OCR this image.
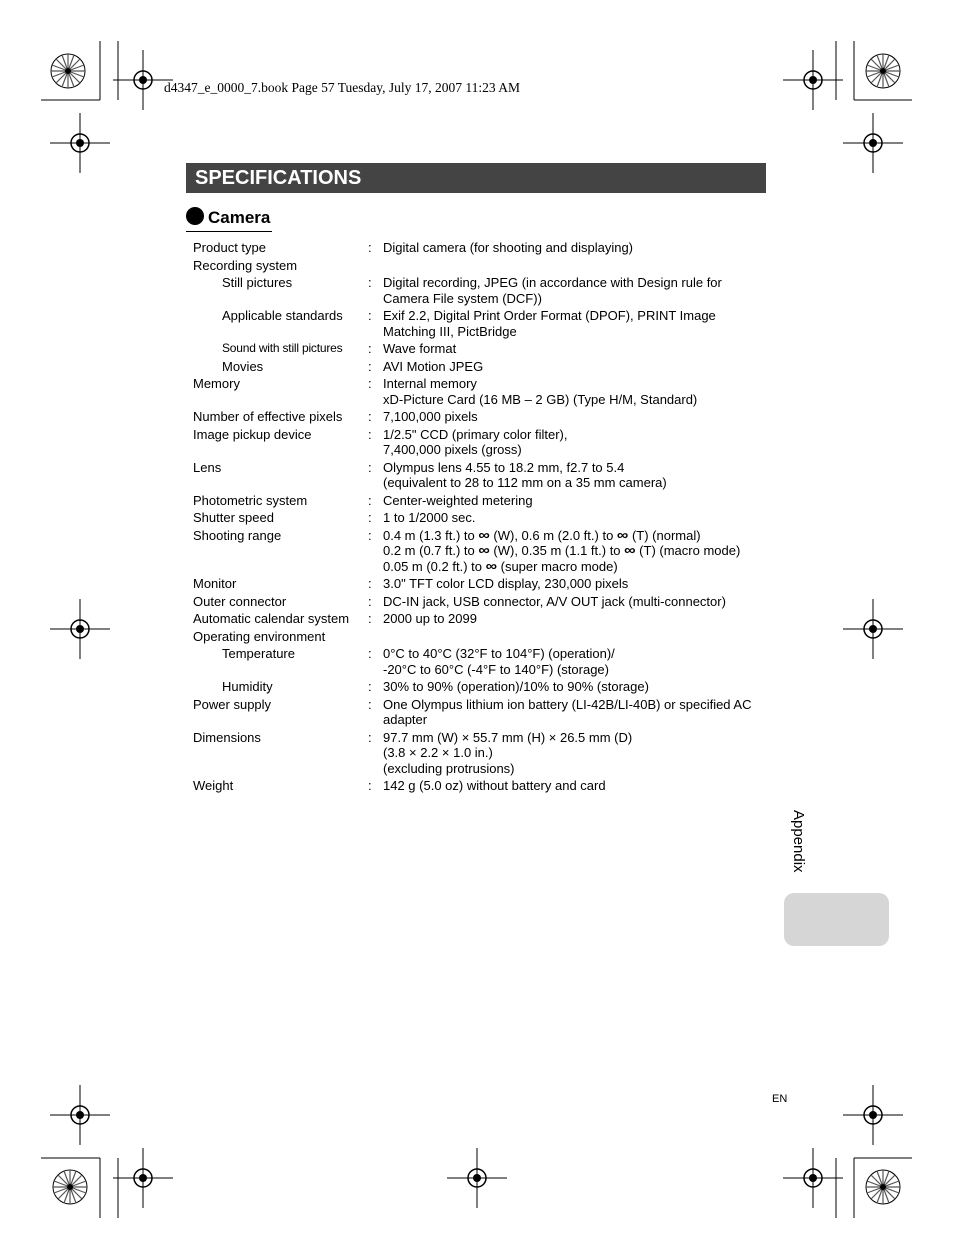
d4347_e_0000_7.book Page 57 Tuesday, July 17, 2007 11:23 AM
SPECIFICATIONS
Camera
Product type	: Digital camera (for shooting and displaying)
Recording system

Still pictures	: Digital recording, JPEG (in accordance with Design rule for
Camera File system (DCF))
Applicable standards : Exif 2.2, Digital Print Order Format (DPOF), PRINT Image
Matching III, PictBridge
Sound with still pictures : Wave format
Movies	: AVI Motion JPEG
Memory	: Internal memory
xD-Picture Card (16 MB – 2 GB) (Type H/M, Standard)
Number of effective pixels : 7,100,000 pixels
Image pickup device	: 1/2.5" CCD (primary color filter),
7,400,000 pixels (gross)
Lens	: Olympus lens 4.55 to 18.2 mm, f2.7 to 5.4
(equivalent to 28 to 112 mm on a 35 mm camera)
Photometric system	: Center-weighted metering
Shutter speed	: 1 to 1/2000 sec.
Shooting range	: 0.4 m (1.3 ft.) to ∞ (W), 0.6 m (2.0 ft.) to ∞ (T) (normal)
0.2 m (0.7 ft.) to ∞ (W), 0.35 m (1.1 ft.) to ∞ (T) (macro mode)
0.05 m (0.2 ft.) to ∞ (super macro mode)
Monitor	: 3.0" TFT color LCD display, 230,000 pixels
Outer connector	: DC-IN jack, USB connector, A/V OUT jack (multi-connector)
Automatic calendar system : 2000 up to 2099
Operating environment

Temperature	: 0°C to 40°C (32°F to 104°F) (operation)/
-20°C to 60°C (-4°F to 140°F) (storage)
Humidity	: 30% to 90% (operation)/10% to 90% (storage)
Power supply	: One Olympus lithium ion battery (LI-42B/LI-40B) or specified AC
adapter
Dimensions	: 97.7 mm (W) × 55.7 mm (H) × 26.5 mm (D)
(3.8 × 2.2 × 1.0 in.)
(excluding protrusions)
Weight	: 142 g (5.0 oz) without battery and card
Appendix
EN
